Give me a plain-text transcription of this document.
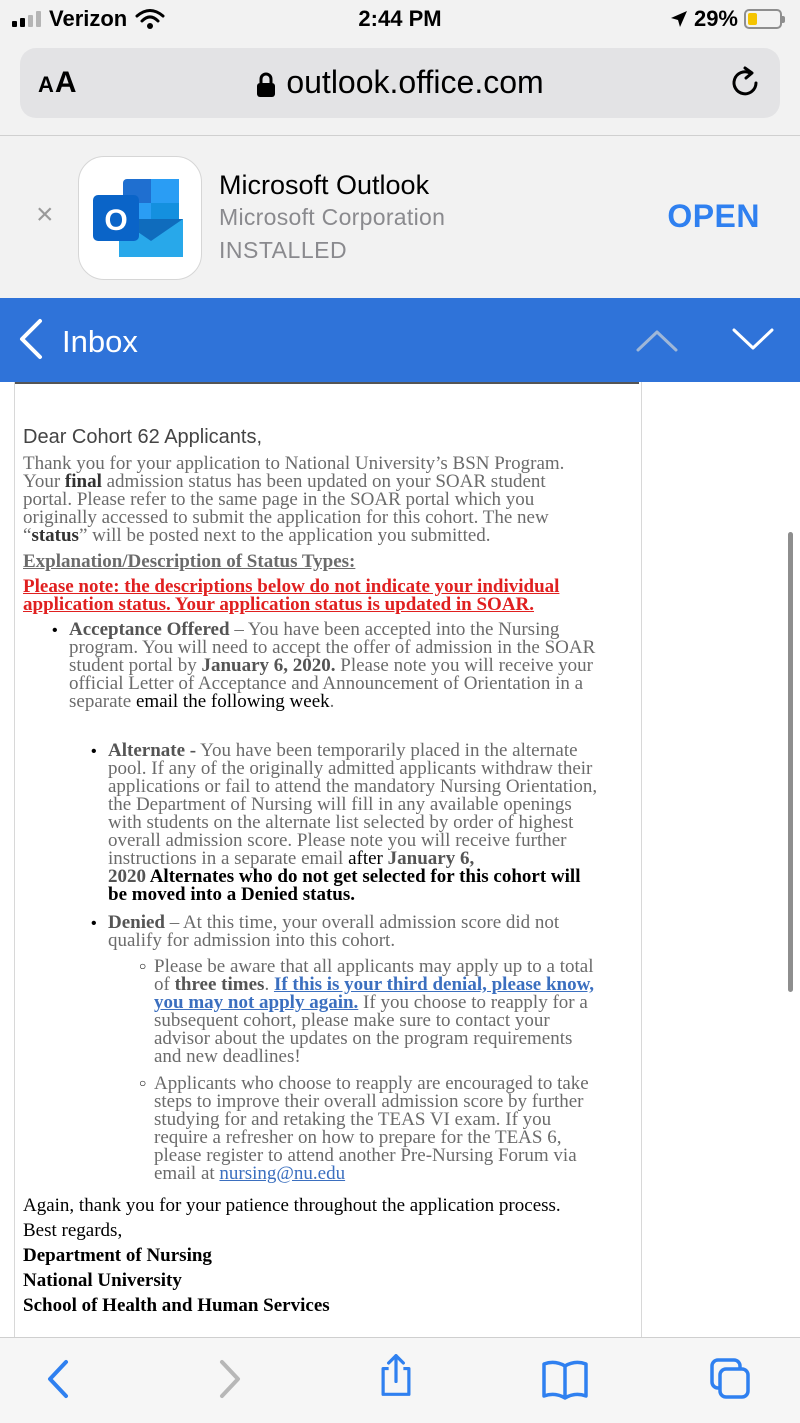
Verizon	2:44 PM	29%
AA	outlook.office.com
× O
Microsoft Outlook
Microsoft Corporation
INSTALLED
OPEN
Inbox
Dear Cohort 62 Applicants,
Thank you for your application to National University’s BSN Program.
Your final admission status has been updated on your SOAR student
portal. Please refer to the same page in the SOAR portal which you
originally accessed to submit the application for this cohort. The new
“status” will be posted next to the application you submitted.
Explanation/Description of Status Types:
Please note: the descriptions below do not indicate your individual
application status. Your application status is updated in SOAR.
• Acceptance Offered – You have been accepted into the Nursing
program. You will need to accept the offer of admission in the SOAR
student portal by January 6, 2020. Please note you will receive your
official Letter of Acceptance and Announcement of Orientation in a
separate email the following week.
• Alternate - You have been temporarily placed in the alternate
pool. If any of the originally admitted applicants withdraw their
applications or fail to attend the mandatory Nursing Orientation,
the Department of Nursing will fill in any available openings
with students on the alternate list selected by order of highest
overall admission score. Please note you will receive further
instructions in a separate email after January 6,
2020 Alternates who do not get selected for this cohort will
be moved into a Denied status.
• Denied – At this time, your overall admission score did not
qualify for admission into this cohort.
○ Please be aware that all applicants may apply up to a total
of three times. If this is your third denial, please know,
you may not apply again. If you choose to reapply for a
subsequent cohort, please make sure to contact your
advisor about the updates on the program requirements
and new deadlines!
○ Applicants who choose to reapply are encouraged to take
steps to improve their overall admission score by further
studying for and retaking the TEAS VI exam. If you
require a refresher on how to prepare for the TEAS 6,
please register to attend another Pre-Nursing Forum via
email at nursing@nu.edu
Again, thank you for your patience throughout the application process.
Best regards,
Department of Nursing
National University
School of Health and Human Services
